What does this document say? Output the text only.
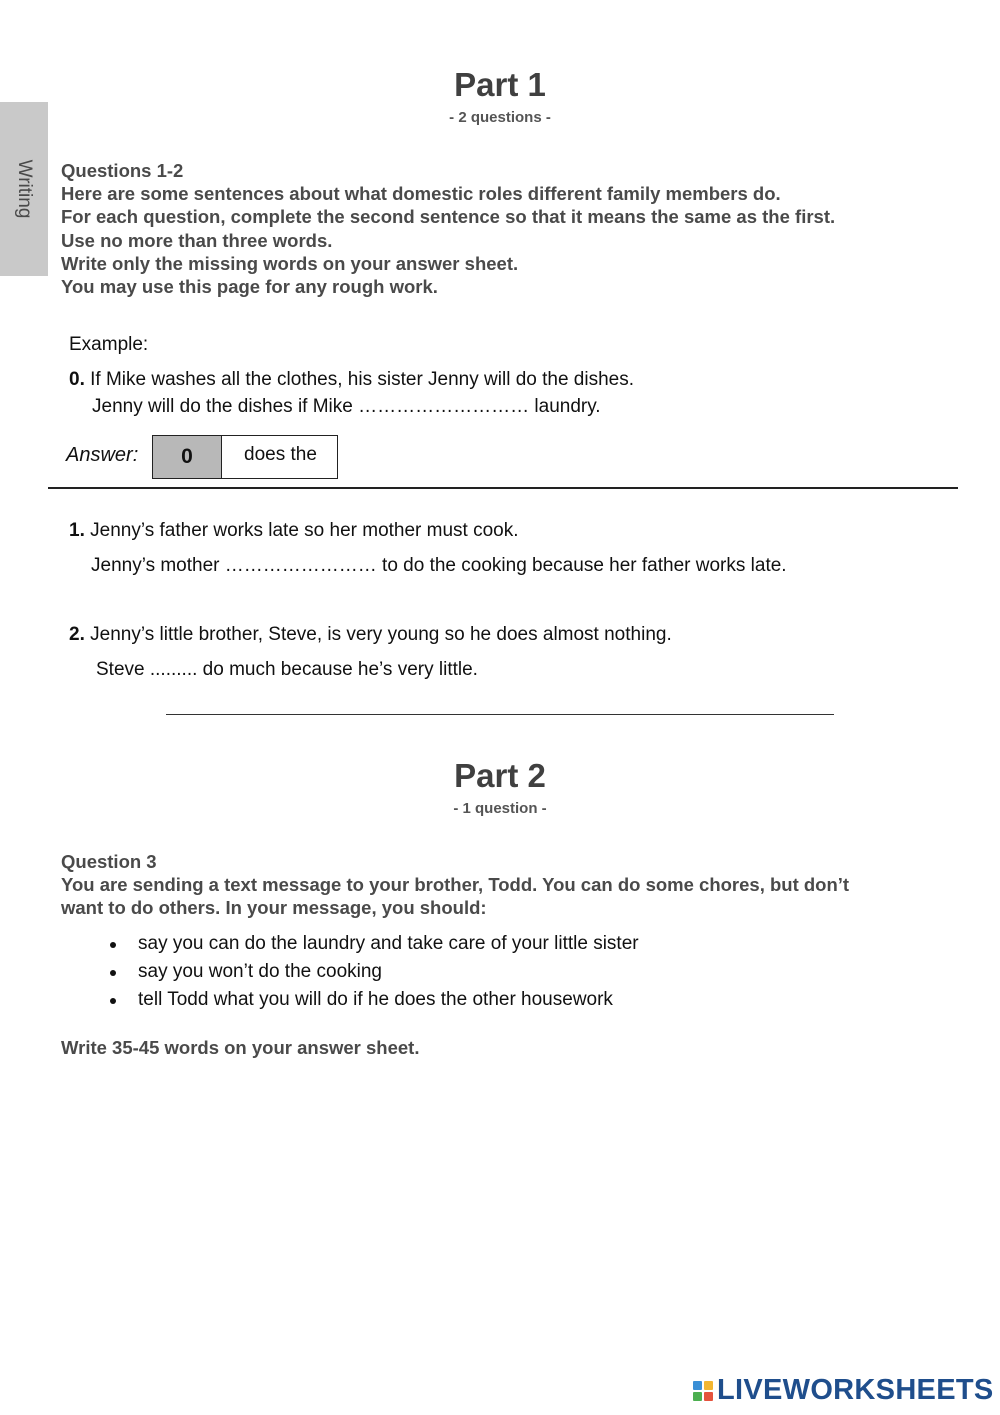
Writing
Part 1
- 2 questions -
Questions 1-2
Here are some sentences about what domestic roles different family members do.
For each question, complete the second sentence so that it means the same as the first.
Use no more than three words.
Write only the missing words on your answer sheet.
You may use this page for any rough work.
Example:
0. If Mike washes all the clothes, his sister Jenny will do the dishes.
Jenny will do the dishes if Mike ……………………… laundry.
Answer:	0	does the
1. Jenny’s father works late so her mother must cook.
Jenny’s mother …………………… to do the cooking because her father works late.
2. Jenny’s little brother, Steve, is very young so he does almost nothing.
Steve ......... do much because he’s very little.
Part 2
- 1 question -
Question 3
You are sending a text message to your brother, Todd. You can do some chores, but don’t
want to do others. In your message, you should:
say you can do the laundry and take care of your little sister
say you won’t do the cooking
tell Todd what you will do if he does the other housework
Write 35-45 words on your answer sheet.
LIVEWORKSHEETS
